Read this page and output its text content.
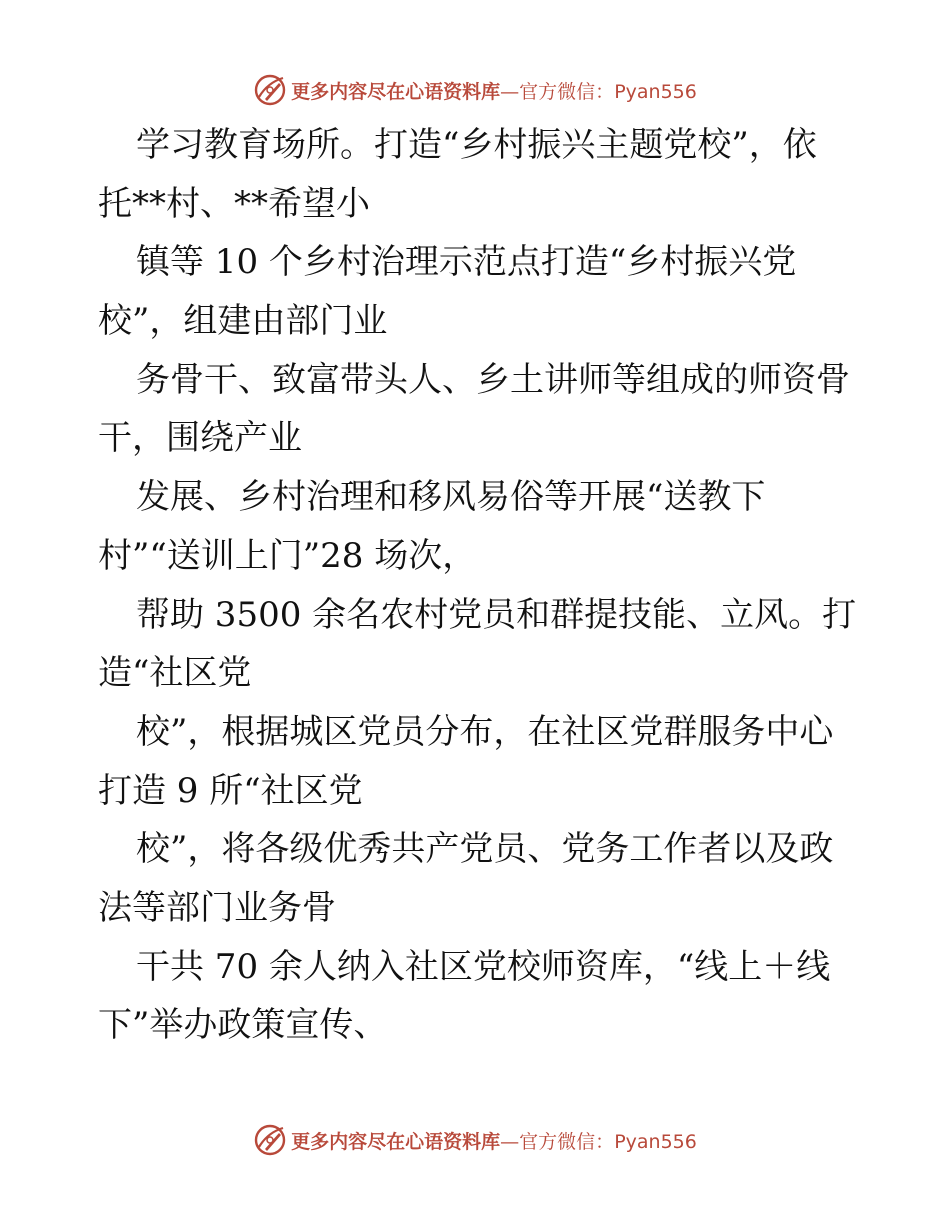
更多内容尽在心语资料库—官方微信：Pyan556
学习教育场所。打造“乡村振兴主题党校”，依
托**村、**希望小
镇等 10 个乡村治理示范点打造“乡村振兴党
校”，组建由部门业
务骨干、致富带头人、乡土讲师等组成的师资骨
干，围绕产业
发展、乡村治理和移风易俗等开展“送教下
村”“送训上门”28 场次，
帮助 3500 余名农村党员和群提技能、立风。打
造“社区党
校”，根据城区党员分布，在社区党群服务中心
打造 9 所“社区党
校”，将各级优秀共产党员、党务工作者以及政
法等部门业务骨
干共 70 余人纳入社区党校师资库，“线上＋线
下”举办政策宣传、
更多内容尽在心语资料库—官方微信：Pyan556
